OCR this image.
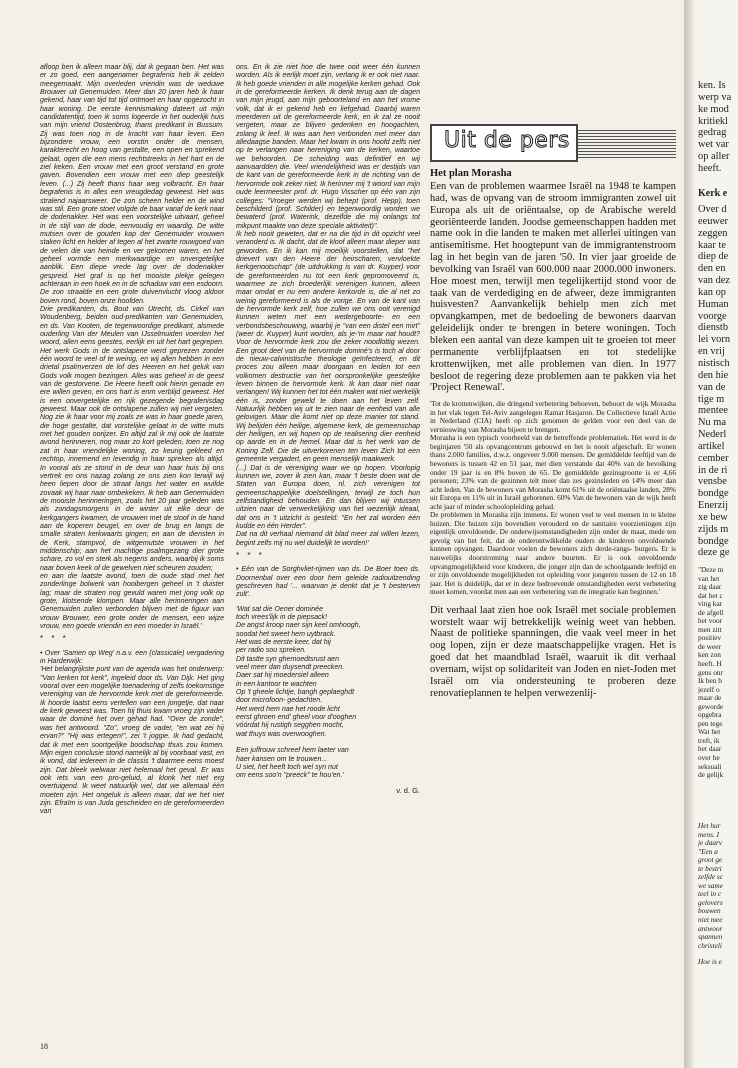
afloop ben ik alleen maar blij, dat ik gegaan ben. Het was er zo goed, een aangenamer begrafenis heb ik zelden meegemaakt. Mijn overleden vriendin was de weduwe Brouwer uit Genemuiden. Meer dan 20 jaren heb ik haar gekend, haar van tijd tot tijd ontmoet en haar opgezocht in haar woning. De eerste kennismaking dateert uit mijn candidatentijd, toen ik soms logeerde in het ouderlijk huis van mijn vriend Oostenbrug, thans predikant in Bussum. Zij was toen nog in de kracht van haar leven. Een bijzondere vrouw, een vorstin onder de mensen, karakterecht en hoog van gestalte, een open en sprekend gelaat, ogen die een mens rechtstreeks in het hart en de ziel keken. Een vrouw met een groot verstand en grote gaven. Bovendien een vrouw met een diep geestelijk leven. (...) Zij heeft thans haar weg volbracht. En haar begrafenis is in alles een vreugdedag geweest. Het was stralend najaarsweer. De zon scheen helder en de wind was stil. Een grote stoet volgde de baar vanaf de kerk naar de dodenakker. Het was een voorstelijke uitvaart, geheel in de stijl van de dode, eenvoudig en waardig. De witte mutsen over de gouden kap der Genemuider vrouwen staken licht en helder af tegen al het zwarte rouwgoed van de velen die van heinde en ver gekomen waren, en het geheel vormde een merkwaardige en onvergetelijke aanblik. Een diepe vrede lag over de dodenakker gespreid. Het graf is op het mooiste plekje gelegen achteraan in een hoek en in de schaduw van een esdoorn. De zon straalde en een grote duivenvlucht vloog aldoor boven rond, boven onze hoofden.

Drie predikanten, ds. Bout van Utrecht, ds. Cirkel van Woudenberg, beiden oud-predikanten van Genemuiden, en ds. Van Kooten, de tegenwoordige predikant, alsmede ouderling Van der Meulen van IJsselmuiden voerden het woord, allen eens geestes, eerlijk en uit het hart gegrepen. Het werk Gods in de ontslapene werd geprezen zonder één woord te veel of te weinig, en wij allen hebben in een drietal psalmverzen de lof des Heeren en het geluk van Gods volk mogen bezingen. Alles was geheel in de geest van de gestorvene. De Heere heeft ook hierin genade en ere willen geven, en ons hart is enrn verblijd geweest. Het is een onvergetelijke en rijk gezegende begrafenisdag geweest. Maar ook de ontslapene zullen wij niet vergeten. Nog zie ik haar voor mij zoals ze was in haar goede jaren, die hoge gestalte, dat vorstelijke gelaat in de witte muts met het gouden oorijzer. En altijd zal ik mij ook de laatste avond herinneren, nog maar zo kort geleden, toen ze nog zat in haar vriendelijke woning, zo keurig gekleed en rechtop, innemend en levendig in haar spreken als altijd. In vooral als ze stond in de deur van haar huis bij ons vertrek en ons nazag zolang ze ons zien kon terwijl wij heen liepen door de straat langs het water en wuifde zovaak wij haar naar ombekeken. Ik heb aan Genemuiden de mooiste herinneringen, zoals het 20 jaar geleden was als zondagsmorgens in de winter uit elke deur de kerkgangers kwamen, de vrouwen met de stoof in de hand aan de koperen beugel, en over de brug en langs de smalle straten kerkwaarts gingen; en aan de diensten in de Kerk, stampvol, de witgemutste vrouwen in het middenschip; aan het machtige psalmgezang dier grote schare, zo vol en sterk als negens anders, waarbij ik soms naar boven keek of de gewelven niet scheuren zouden;

en aan die laatste avond, toen de oude stad met het zonderlinge bolwerk van hooibergen geheel in 't duister lag; maar de straten nog gevuld waren met jong volk op grote, klotsende klompen. Maar alle herinneringen aan Genemuiden zullen verbonden blijven met de figuur van vrouw Brouwer, een grote onder de mensen, een wijze vrouw, een goede vriendin en een moeder in Israël.'

* * *

• Over 'Samen op Weg' n.a.v. een (classicale) vergadering in Harderwijk:

'Het belangrijkste punt van de agenda was het onderwerp: "Van kerken tot kerk", ingeleid door ds. Van Dijk. Het ging vooral over een mogelijke toenadering of zelfs toekomstige vereniging van de hervormde kerk met de gereformeerde. Ik hoorde laatst eens vertellen van een jongetje, dat naar de kerk geweest was. Toen hij thuis kwam vroeg zijn vader waar de dominé het over gehad had. "Over de zonde", was het antwoord. "Zo", vroeg de vader, "en wat zei hij ervan?" "Hij was ertegen!", zei 't joggie. Ik had gedacht, dat ik met een soortgelijke boodschap thuis zou komen. Mijn eigen conclusie stond namelijk al bij voorbaat vast, en ik vond, dat iedereen in de classis 't daarmee eens moest zijn. Dat bleek welwaar niet helemaal het geval. Er was ook iets van een pro-geluid, al klonk het niet erg overtuigend. Ik weet natuurlijk wel, dat we allemaal één moeten zijn. Het ongeluk is alleen maar, dat we het niet zijn. Efraïm is van Juda gescheiden en de gereformeerden van

ons. En ik zie niet hoe die twee ooit weer één kunnen worden. Als ik eerlijk moet zijn, verlang ik er ook niet naar. Ik heb goede vrienden in alle mogelijke kerken gehad. Ook in de gereformeerde kerken. Ik denk terug aan de dagen van mijn jeugd, aan mijn geboorteland en aan het vrome volk, dat ik er gekend heb en liefgehad. Daarbij waren meerderen uit de gereformeerde kerk, en ik zal ze nooit vergeten, maar ze blijven gedenken en hoogachten, zolang ik leef. Ik was aan hen verbonden met meer dan alledaagse banden. Maar het kwam in ons hoofd zelfs niet op te verlangen naar hereniging van de kerken, waartoe we behoorden. De scheiding was definitief en wij aanvaardden die. Veel vriendelijkheid was er destijds van de kant van de gereformeerde kerk in de richting van de hervormde ook zeker niet. Ik herinner mij 't woord van mijn oude leermeester prof. dr. Hugo Visscher op één van zijn colleges: "Vroeger werden wij behept (prof. Hepp), toen beschilderd (prof. Schilder) en tegenwoordig worden we bewaterd (prof. Waterink, dezelfde die mij onlangs tot mikpunt maakte van deze speciale aktiviteit)".

Ik heb nooit geweten, dat er na die tijd in dit opzicht veel veranderd is. Ik dacht, dat de kloof alleen maar dieper was geworden. En ik kan mij moeilijk voorstellen, dat "het drievert van den Heere der heirscharen, vervloekte kerkgenootschap" (de uitdrukking is van dr. Kuyper) voor de gereformeerden nu tot een kerk gepromoveerd is, waarmee ze zich broederlijk verenigen kunnen, alleen maar omdat er nu een andere kerkorde is, die al net zo weinig gereformeerd is als de vorige. En van de kant van de hervormde kerk zelf, hoe zullen we ons ooit verenigd kunnen weten met een wedergeboorte- en een verbondsbeschouwing, waarbij je "van een distel een mirt" (weer dr. Kuyper) kunt worden, als je-'m maar nat houdt? Voor de hervormde kerk zou die zeker noodlottig wezen. Een groot deel van de hervormde dominé's is toch al door de nieuw-calvinistische theologie geïnfecteerd, en dit proces zou alleen maar doorgaan en leiden tot een volkomen destructie van het oorspronkelijke geestelijke leven binnen de hervormde kerk. Ik kan daar niet naar verlangen! Wij kunnen het tot één maken wat niet werkelijk één is, zonder geweld te doen aan het leven zelf. Natuurlijk hebben wij uit te zien naar de eenheid van alle gelovigen. Maar die komt niet op deze manier tot stand. Wij belijden één heilige, algemene kerk, de gemeenschap der heiligen, en wij hopen op de realisering dier eenheid op aarde en in de hemel. Maar dat is het werk van de Koning Zelf. Die de uitverkorenen ten leven Zich tot een gemeente vergadert, en geen menselijk maakwerk.

(...) Dat is de vereniging waar we op hopen. Voorlopig kunnen we, zover ik zien kan, maar 't beste doen wat de Staten van Europa doen, nl. zich verenigen tot gemeenschappelijke doelstellingen, terwijl ze toch hun zelfstandigheid behouden. En dan blijven wij intussen uitzien naar de verwerkelijking van het wezenlijk ideaal, dat ons in 't uitzicht is gesteld: "En het zal worden één kudde en één Herder".

Dat na dit verhaal niemand dit blad meer zal willen lezen, begint zelfs mij nu wel duidelijk te worden!'

* * *

• Eén van de Sorghvliet-rijmen van ds. De Boer toen ds. Doornenbal over een door hem geleide radiouitzending geschreven had '... waarvan je denkt dat je 't besterven zult'.

'Wat sat die Oener dominée
toch vrees'lijk in de piepsack!
De angst kroop naer sijn keel omhoogh,
soodat het sweet hem uytbrack.
Het was de eerste keer, dat hij
per radio sou spreken.
Dit tastte syn ghemoedtsrust aen
veel meer dan duysendt preecken.
Daer sat hij moedersiel alleen
in een kantoor te wachten
Op 't gheele lichtje, bangh geplaeghdt
door microfoon- gedachten.
Het werd hem nae het roode licht
eerst ghroen end' gheel voor d'ooghen
vóórdat hij rustigh segghen mocht,
wat thuys was overwooghen.
Een juffrouw schreef hem laeter van
haer kansen om te trouwen...
U siet, het heeft toch wel syn nut
om eens soo'n "preeck" te hou'en.'

v. d. G.

Uit de pers
Het plan Morasha

Een van de problemen waarmee Israël na 1948 te kampen had, was de opvang van de stroom immigranten zowel uit Europa als uit de oriëntaalse, op de Arabische wereld georiënteerde landen. Joodse gemeenschappen hadden met name ook in die landen te maken met allerlei uitingen van antisemitisme. Het hoogtepunt van de immigrantenstroom lag in het begin van de jaren '50. In vier jaar groeide de bevolking van Israël van 600.000 naar 2000.000 inwoners. Hoe moest men, terwijl men tegelijkertijd stond voor de taak van de verdediging en de afweer, deze immigranten huisvesten? Aanvankelijk behielp men zich met opvangkampen, met de bedoeling de bewoners daarvan geleidelijk onder te brengen in betere woningen. Toch bleken een aantal van deze kampen uit te groeien tot meer permanente verblijfplaatsen en tot stedelijke krottenwijken, met alle problemen van dien. In 1977 besloot de regering deze problemen aan te pakken via het 'Project Renewal'.

'Tot de krottenwijken, die dringend verbetering behoeven, behoort de wijk Morasha in het vlak tegen Tel-Aviv aangelegen Ramat Hasjaron. De Collectieve Israël Actie in Nederland (CIA) heeft op zich genomen de gelden voor een deel van de vernieuwing van Morasha bijeen te brengen.

Morasha is een typisch voorbeeld van de betreffende problematiek. Het werd in de beginjaren '50 als opvangcentrum gebouwd en het is nooit afgeschaft. Er wonen thans 2.000 families, d.w.z. ongeveer 9.000 mensen. De gemiddelde leeftijd van de bewoners is tussen 42 en 51 jaar, met dien verstande dat 40% van de bevolking onder 19 jaar is en 8% boven de 65. De gemiddelde gezinsgrootte is er 4,66 personen; 23% van de gezinnen telt meer dan zes gezinsleden en 14% meer dan acht leden. Van de bewoners van Morasha komt 61% uit de oriëntaalse landen, 28% uit Europa en 11% uit in Israël geborenen. 60% Van de bewoners van de wijk heeft acht jaar of minder schoolopleiding gehad.

De problemen in Morasha zijn immens. Er wonen veel te veel mensen in te kleine huizen. Die huizen zijn bovendien verouderd en de sanitaire voorzieningen zijn eigenlijk onvoldoende. De onderwijsomstandigheden zijn onder de maat, mede ten gevolg van het feit, dat de onderontwikkelde ouders de kinderen onvoldoende kunnen opvangen. Daardoor voelen de bewoners zich derde-rangs- burgers. Er is nauwelijks doorstroming naar andere buurten. Er is ook onvoldoende opvangmogelijkheid voor kinderen, die jonger zijn dan de schoolgaande leeftijd en er zijn onvoldoende mogelijkheden tot opleiding voor jongeren tussen de 12 en 18 jaar. Het is duidelijk, dat er in deze bedroevende omstandigheden eerst verbetering moet komen, voordat men aan een verbetering van de integratie kan beginnen.'

Dit verhaal laat zien hoe ook Israël met sociale problemen worstelt waar wij betrekkelijk weinig weet van hebben. Naast de politieke spanningen, die vaak veel meer in het oog lopen, zijn er deze maatschappelijke vragen. Het is goed dat het maandblad Israël, waaruit ik dit verhaal overnam, wijst op solidariteit van Joden en niet-Joden met Israël om via ondersteuning te proberen deze renovatieplannen te helpen verwezenlij-

18
ken. Is
werp va
ke mod
kritiekl
gedrag
wet var
op aller
heeft.
Kerk e
Over d
eeuwer
zeggen
kaar te
diep de
den en
van dez
kan op
Human
voorge
dienstb
lei vorn
en vrij
nistisch
den hie
van de
tige m
mentee
Nu ma
Nederl
artikel
cember
in de ri
vensbe
bondge
Enerzij
xe bew
zijds m
bondge
deze ge
"Deze m
van het
zig daar
dat het c
ving kar
de afgell
het voor
men zitt
positiev
de weer
ken zon
heeft. H
gens onr
Ik ben b
jezelf o
maar de
geworde
opgebra
pen tege
Wat het
treft, ik
het daar
over he
seksuali
de gelijk
Het hur
mens. I
je daarv
"Een a
groot ge
te bestri
zelfde sc
we same
teel in c
gelovers
bouwen
niet mee
antwoor
spannen
christeli
Hoe is e
